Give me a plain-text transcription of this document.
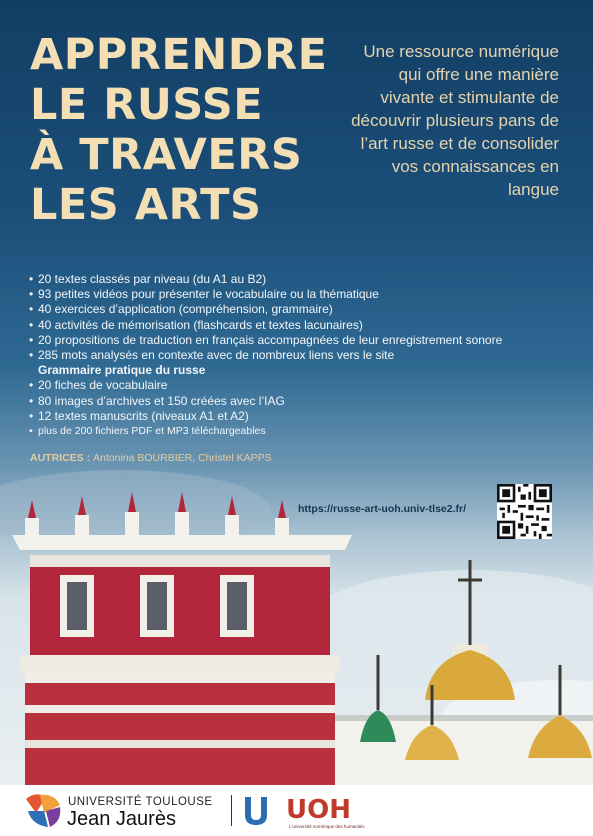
APPRENDRE
LE RUSSE
À TRAVERS
LES ARTS
Une ressource numérique qui offre une manière vivante et stimulante de découvrir plusieurs pans de l’art russe et de consolider vos connaissances en langue
• 20 textes classés par niveau (du A1 au B2)
• 93 petites vidéos pour présenter le vocabulaire ou la thématique
• 40 exercices d’application (compréhension, grammaire)
• 40 activités de mémorisation (flashcards et textes lacunaires)
• 20 propositions de traduction en français accompagnées de leur enregistrement sonore
• 285 mots analysés en contexte avec de nombreux liens vers le site
Grammaire pratique du russe
• 20 fiches de vocabulaire
• 80 images d’archives et 150 créées avec l’IAG
• 12 textes manuscrits (niveaux A1 et A2)
• plus de 200 fichiers PDF et MP3 téléchargeables
AUTRICES : Antonina BOURBIER, Christel KAPPS
https://russe-art-uoh.univ-tlse2.fr/
UNIVERSITÉ TOULOUSE
Jean Jaurès	UOH
L'université numérique des humanités
